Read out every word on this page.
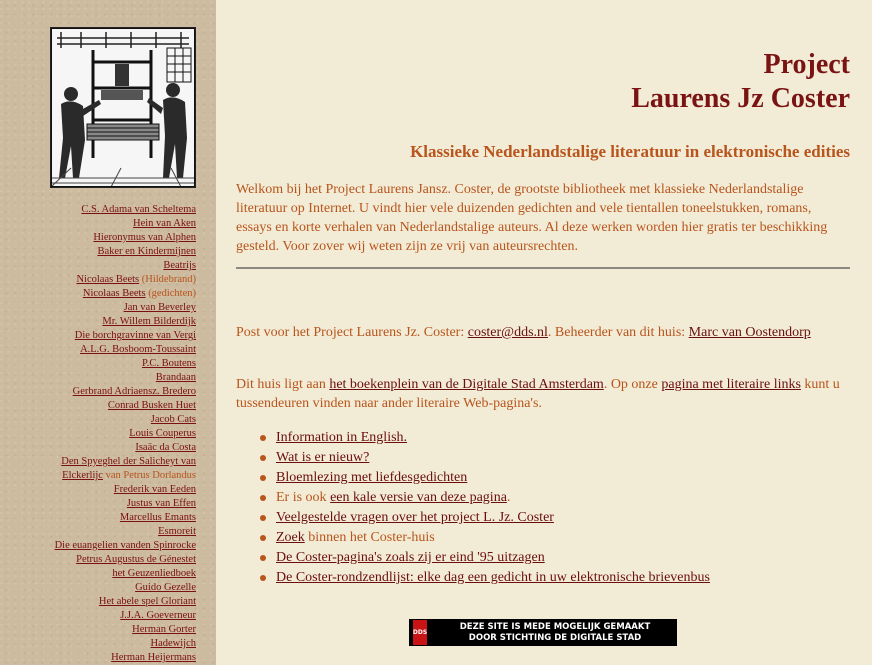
C.S. Adama van Scheltema
Hein van Aken
Hieronymus van Alphen
Baker en Kindermijnen
Beatrijs
Nicolaas Beets (Hildebrand)
Nicolaas Beets (gedichten)
Jan van Beverley
Mr. Willem Bilderdijk
Die borchgravinne van Vergi
A.L.G. Bosboom-Toussaint
P.C. Boutens
Brandaan
Gerbrand Adriaensz. Bredero
Conrad Busken Huet
Jacob Cats
Louis Couperus
Isaäc da Costa
Den Spyeghel der Salicheyt van
Elckerlijc van Petrus Dorlandus
Frederik van Eeden
Justus van Effen
Marcellus Emants
Esmoreit
Die euangelien vanden Spinrocke
Petrus Augustus de Génestet
het Geuzenliedboek
Guido Gezelle
Het abele spel Gloriant
J.J.A. Goeverneur
Herman Gorter
Hadewijch
Herman Heijermans
Project
Laurens Jz Coster
Klassieke Nederlandstalige literatuur in elektronische edities
Welkom bij het Project Laurens Jansz. Coster, de grootste bibliotheek met klassieke Nederlandstalige literatuur op Internet. U vindt hier vele duizenden gedichten and vele tientallen toneelstukken, romans, essays en korte verhalen van Nederlandstalige auteurs. Al deze werken worden hier gratis ter beschikking gesteld. Voor zover wij weten zijn ze vrij van auteursrechten.
Post voor het Project Laurens Jz. Coster: coster@dds.nl. Beheerder van dit huis: Marc van Oostendorp
Dit huis ligt aan het boekenplein van de Digitale Stad Amsterdam. Op onze pagina met literaire links kunt u tussendeuren vinden naar ander literaire Web-pagina's.
Information in English.
Wat is er nieuw?
Bloemlezing met liefdesgedichten
Er is ook een kale versie van deze pagina.
Veelgestelde vragen over het project L. Jz. Coster
Zoek binnen het Coster-huis
De Coster-pagina's zoals zij er eind '95 uitzagen
De Coster-rondzendlijst: elke dag een gedicht in uw elektronische brievenbus
DDS
DEZE SITE IS MEDE MOGELIJK GEMAAKT
DOOR STICHTING DE DIGITALE STAD
